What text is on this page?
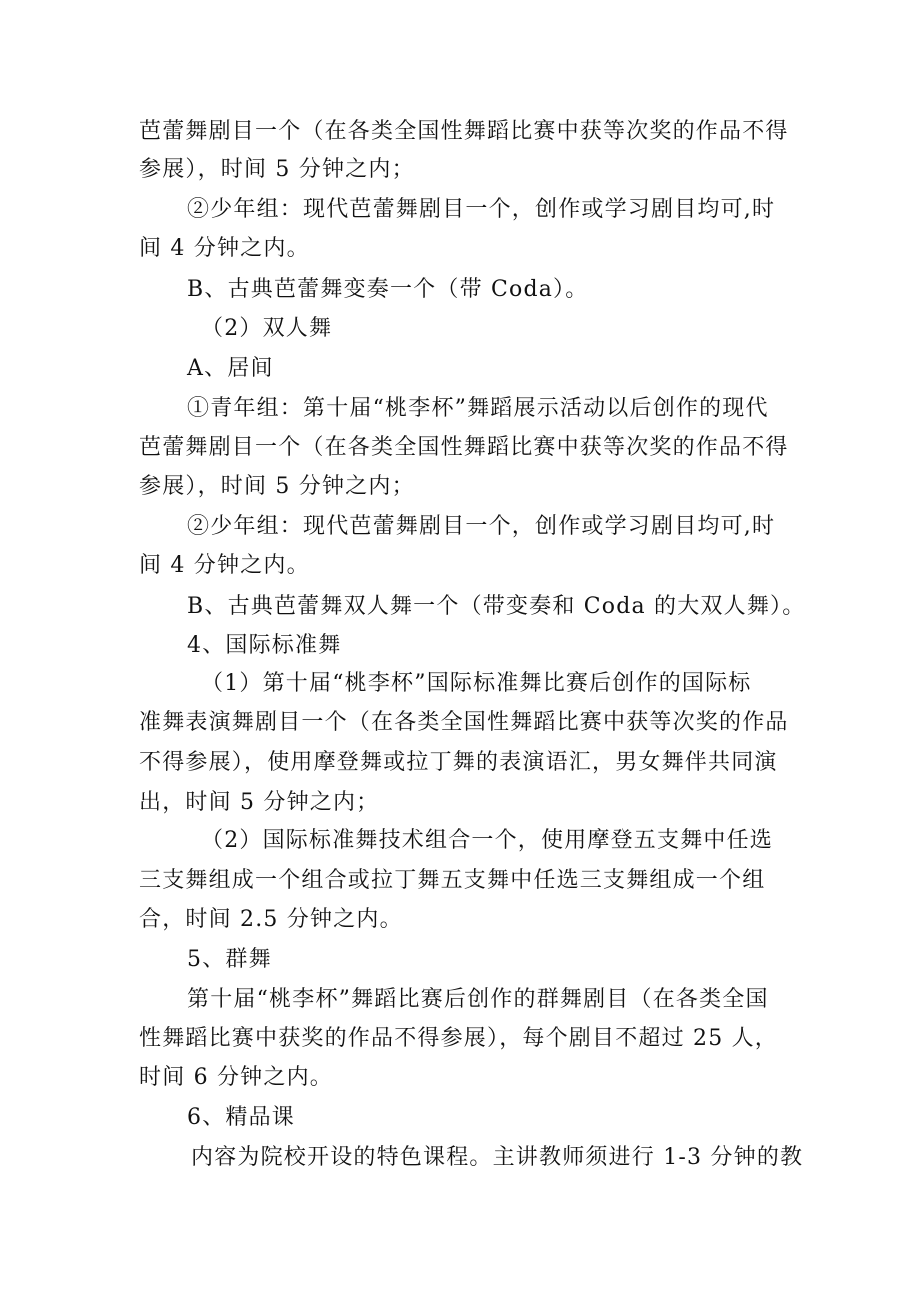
芭蕾舞剧目一个（在各类全国性舞蹈比赛中获等次奖的作品不得
参展），时间 5 分钟之内；
②少年组：现代芭蕾舞剧目一个，创作或学习剧目均可,时
间 4 分钟之内。
B、古典芭蕾舞变奏一个（带 Coda）。
（2）双人舞
A、居间
①青年组：第十届“桃李杯”舞蹈展示活动以后创作的现代
芭蕾舞剧目一个（在各类全国性舞蹈比赛中获等次奖的作品不得
参展），时间 5 分钟之内；
②少年组：现代芭蕾舞剧目一个，创作或学习剧目均可,时
间 4 分钟之内。
B、古典芭蕾舞双人舞一个（带变奏和 Coda 的大双人舞）。
4、国际标准舞
（1）第十届“桃李杯”国际标准舞比赛后创作的国际标
准舞表演舞剧目一个（在各类全国性舞蹈比赛中获等次奖的作品
不得参展），使用摩登舞或拉丁舞的表演语汇，男女舞伴共同演
出，时间 5 分钟之内；
（2）国际标准舞技术组合一个，使用摩登五支舞中任选
三支舞组成一个组合或拉丁舞五支舞中任选三支舞组成一个组
合，时间 2.5 分钟之内。
5、群舞
第十届“桃李杯”舞蹈比赛后创作的群舞剧目（在各类全国
性舞蹈比赛中获奖的作品不得参展），每个剧目不超过 25 人，
时间 6 分钟之内。
6、精品课
内容为院校开设的特色课程。主讲教师须进行 1-3 分钟的教
